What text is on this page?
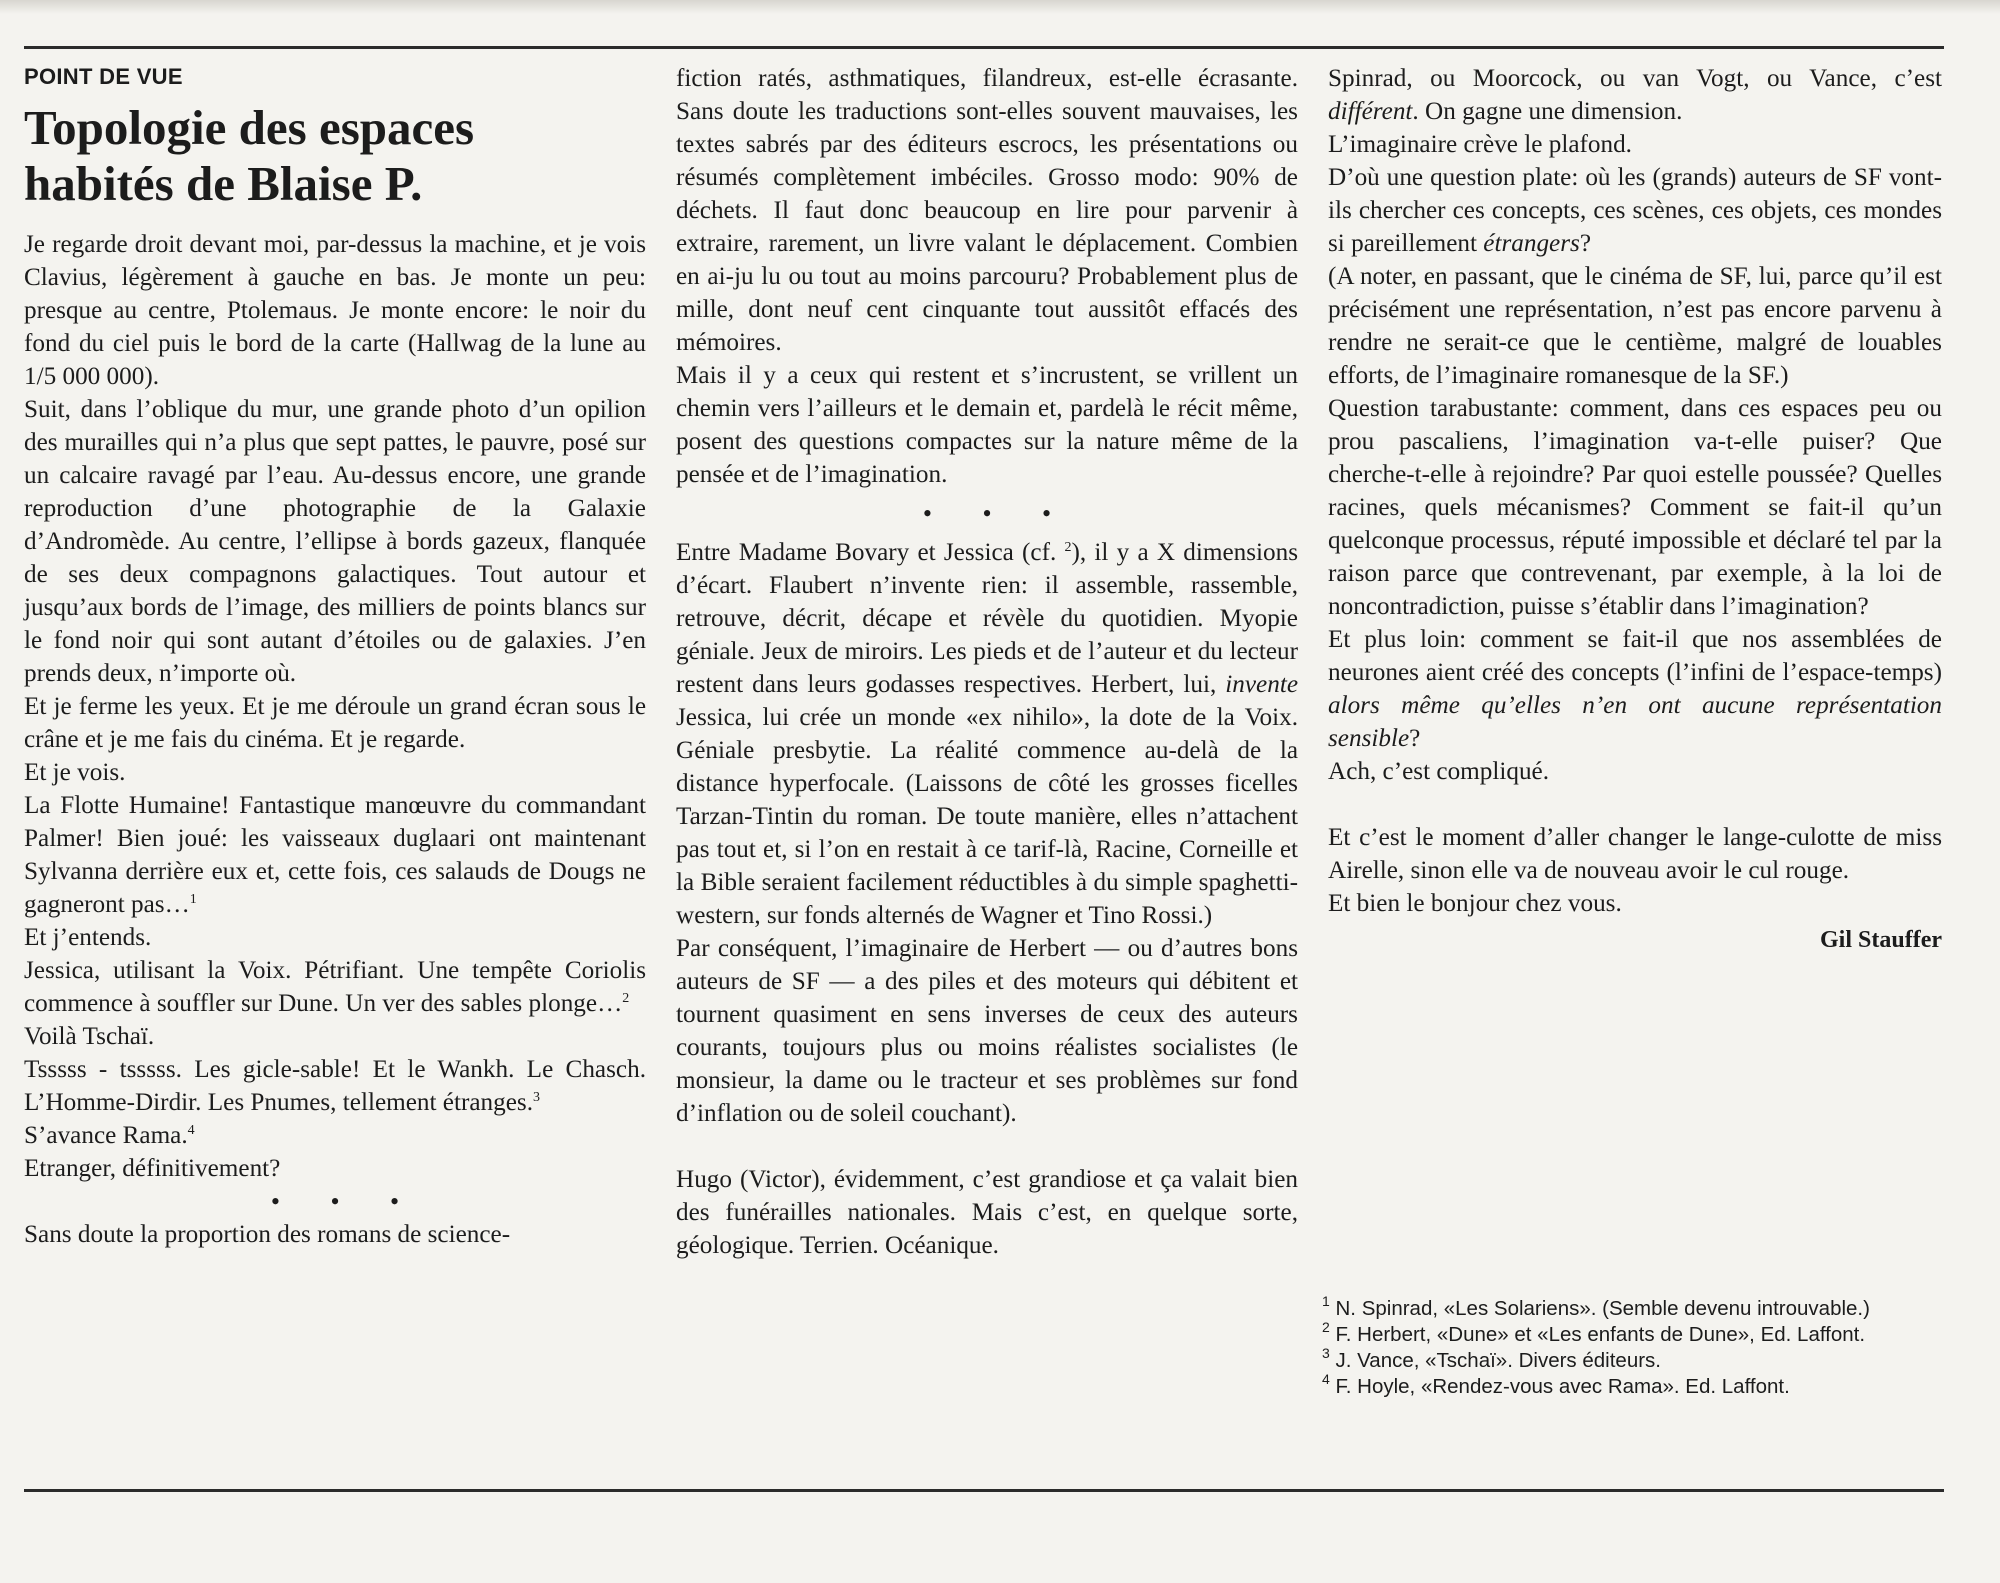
POINT DE VUE
Topologie des espaces
habités de Blaise P.

Je regarde droit devant moi, par-dessus la machine, et je vois Clavius, légèrement à gauche en bas. Je monte un peu: presque au centre, Ptolemaus. Je monte encore: le noir du fond du ciel puis le bord de la carte (Hallwag de la lune au 1/5 000 000).

Suit, dans l’oblique du mur, une grande photo d’un opilion des murailles qui n’a plus que sept pattes, le pauvre, posé sur un calcaire ravagé par l’eau. Au-dessus encore, une grande reproduction d’une photographie de la Galaxie d’Andromède. Au centre, l’ellipse à bords gazeux, flanquée de ses deux compagnons galactiques. Tout autour et jusqu’aux bords de l’image, des milliers de points blancs sur le fond noir qui sont autant d’étoiles ou de galaxies. J’en prends deux, n’importe où.

Et je ferme les yeux. Et je me déroule un grand écran sous le crâne et je me fais du cinéma. Et je regarde.

Et je vois.

La Flotte Humaine! Fantastique manœuvre du commandant Palmer! Bien joué: les vaisseaux duglaari ont maintenant Sylvanna derrière eux et, cette fois, ces salauds de Dougs ne gagneront pas…$^1$

Et j’entends.

Jessica, utilisant la Voix. Pétrifiant. Une tempête Coriolis commence à souffler sur Dune. Un ver des sables plonge…$^2$

Voilà Tschaï.

Tsssss - tsssss. Les gicle-sable! Et le Wankh. Le Chasch. L’Homme-Dirdir. Les Pnumes, tellement étranges.$^3$

S’avance Rama.$^4$

Etranger, définitivement?

• • •

Sans doute la proportion des romans de science-

fiction ratés, asthmatiques, filandreux, est-elle écrasante. Sans doute les traductions sont-elles souvent mauvaises, les textes sabrés par des éditeurs escrocs, les présentations ou résumés complètement imbéciles. Grosso modo: 90% de déchets. Il faut donc beaucoup en lire pour parvenir à extraire, rarement, un livre valant le déplacement. Combien en ai-ju lu ou tout au moins parcouru? Probablement plus de mille, dont neuf cent cinquante tout aussitôt effacés des mémoires.

Mais il y a ceux qui restent et s’incrustent, se vrillent un chemin vers l’ailleurs et le demain et, pardelà le récit même, posent des questions compactes sur la nature même de la pensée et de l’imagination.

• • •

Entre Madame Bovary et Jessica (cf. $^2$), il y a X dimensions d’écart. Flaubert n’invente rien: il assemble, rassemble, retrouve, décrit, décape et révèle du quotidien. Myopie géniale. Jeux de miroirs. Les pieds et de l’auteur et du lecteur restent dans leurs godasses respectives. Herbert, lui, invente Jessica, lui crée un monde «ex nihilo», la dote de la Voix. Géniale presbytie. La réalité commence au-delà de la distance hyperfocale. (Laissons de côté les grosses ficelles Tarzan-Tintin du roman. De toute manière, elles n’attachent pas tout et, si l’on en restait à ce tarif-là, Racine, Corneille et la Bible seraient facilement réductibles à du simple spaghetti-western, sur fonds alternés de Wagner et Tino Rossi.)

Par conséquent, l’imaginaire de Herbert — ou d’autres bons auteurs de SF — a des piles et des moteurs qui débitent et tournent quasiment en sens inverses de ceux des auteurs courants, toujours plus ou moins réalistes socialistes (le monsieur, la dame ou le tracteur et ses problèmes sur fond d’inflation ou de soleil couchant).

Hugo (Victor), évidemment, c’est grandiose et ça valait bien des funérailles nationales. Mais c’est, en quelque sorte, géologique. Terrien. Océanique.

Spinrad, ou Moorcock, ou van Vogt, ou Vance, c’est différent. On gagne une dimension.

L’imaginaire crève le plafond.

D’où une question plate: où les (grands) auteurs de SF vont-ils chercher ces concepts, ces scènes, ces objets, ces mondes si pareillement étrangers?

(A noter, en passant, que le cinéma de SF, lui, parce qu’il est précisément une représentation, n’est pas encore parvenu à rendre ne serait-ce que le centième, malgré de louables efforts, de l’imaginaire romanesque de la SF.)

Question tarabustante: comment, dans ces espaces peu ou prou pascaliens, l’imagination va-t-elle puiser? Que cherche-t-elle à rejoindre? Par quoi estelle poussée? Quelles racines, quels mécanismes? Comment se fait-il qu’un quelconque processus, réputé impossible et déclaré tel par la raison parce que contrevenant, par exemple, à la loi de noncontradiction, puisse s’établir dans l’imagination?

Et plus loin: comment se fait-il que nos assemblées de neurones aient créé des concepts (l’infini de l’espace-temps) alors même qu’elles n’en ont aucune représentation sensible?

Ach, c’est compliqué.

Et c’est le moment d’aller changer le lange-culotte de miss Airelle, sinon elle va de nouveau avoir le cul rouge.

Et bien le bonjour chez vous.

Gil Stauffer

$^1$ N. Spinrad, «Les Solariens». (Semble devenu introuvable.)

$^2$ F. Herbert, «Dune» et «Les enfants de Dune», Ed. Laffont.

$^3$ J. Vance, «Tschaï». Divers éditeurs.

$^4$ F. Hoyle, «Rendez-vous avec Rama». Ed. Laffont.
